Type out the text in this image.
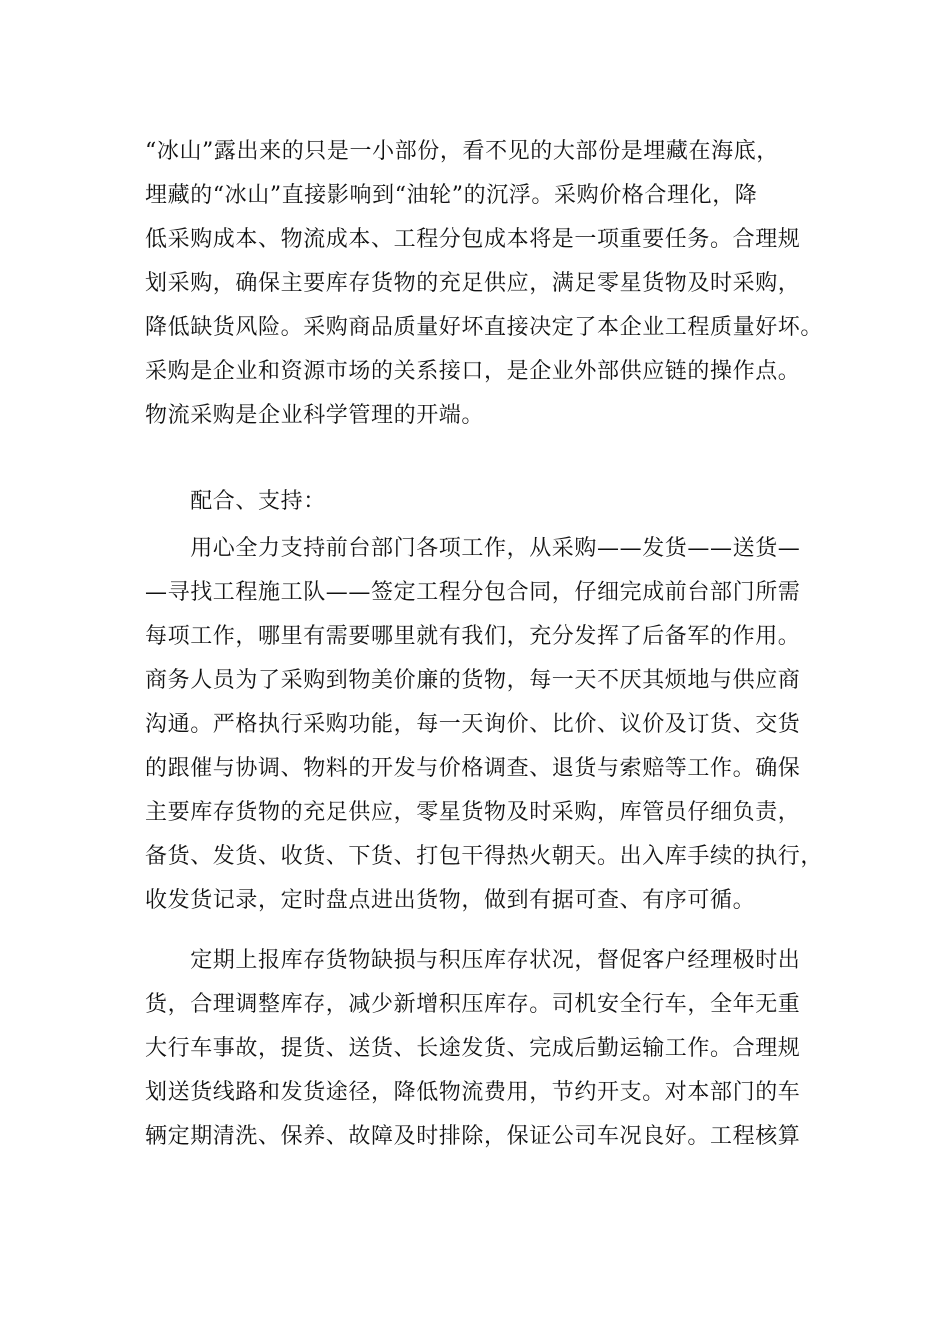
“冰山”露出来的只是一小部份，看不见的大部份是埋藏在海底，
埋藏的“冰山”直接影响到“油轮”的沉浮。采购价格合理化，降
低采购成本、物流成本、工程分包成本将是一项重要任务。合理规
划采购，确保主要库存货物的充足供应，满足零星货物及时采购，
降低缺货风险。采购商品质量好坏直接决定了本企业工程质量好坏。
采购是企业和资源市场的关系接口，是企业外部供应链的操作点。
物流采购是企业科学管理的开端。
　　配合、支持：
　　用心全力支持前台部门各项工作，从采购——发货——送货—
—寻找工程施工队——签定工程分包合同，仔细完成前台部门所需
每项工作，哪里有需要哪里就有我们，充分发挥了后备军的作用。
商务人员为了采购到物美价廉的货物，每一天不厌其烦地与供应商
沟通。严格执行采购功能，每一天询价、比价、议价及订货、交货
的跟催与协调、物料的开发与价格调查、退货与索赔等工作。确保
主要库存货物的充足供应，零星货物及时采购，库管员仔细负责，
备货、发货、收货、下货、打包干得热火朝天。出入库手续的执行，
收发货记录，定时盘点进出货物，做到有据可查、有序可循。
　　定期上报库存货物缺损与积压库存状况，督促客户经理极时出
货，合理调整库存，减少新增积压库存。司机安全行车，全年无重
大行车事故，提货、送货、长途发货、完成后勤运输工作。合理规
划送货线路和发货途径，降低物流费用，节约开支。对本部门的车
辆定期清洗、保养、故障及时排除，保证公司车况良好。工程核算
